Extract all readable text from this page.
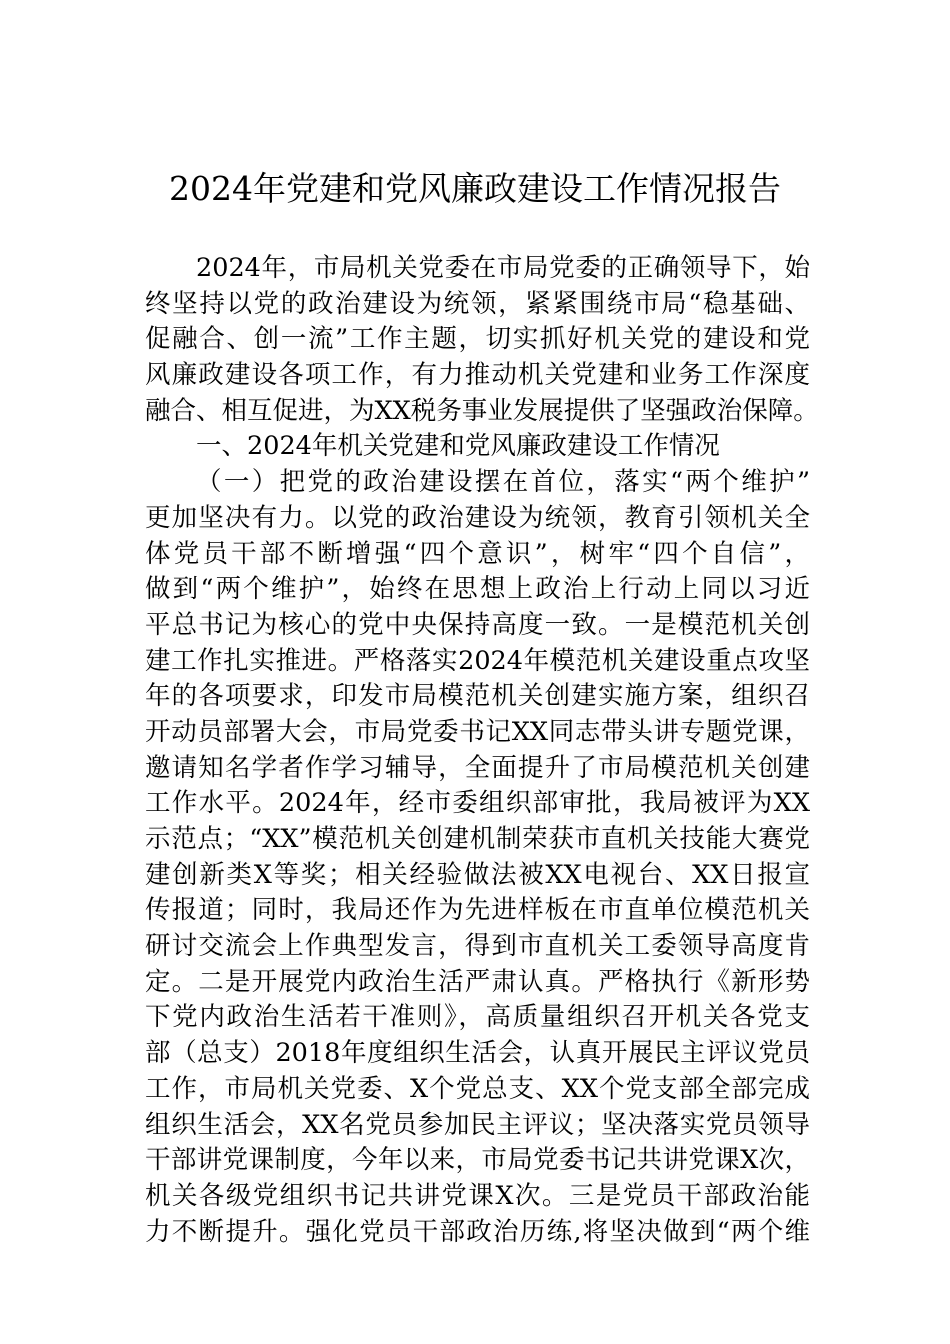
2024年党建和党风廉政建设工作情况报告
2024年，市局机关党委在市局党委的正确领导下，始
终坚持以党的政治建设为统领，紧紧围绕市局“稳基础、
促融合、创一流”工作主题，切实抓好机关党的建设和党
风廉政建设各项工作，有力推动机关党建和业务工作深度
融合、相互促进，为XX税务事业发展提供了坚强政治保障。
一、2024年机关党建和党风廉政建设工作情况
（一）把党的政治建设摆在首位，落实“两个维护”
更加坚决有力。以党的政治建设为统领，教育引领机关全
体党员干部不断增强“四个意识”，树牢“四个自信”，
做到“两个维护”，始终在思想上政治上行动上同以习近
平总书记为核心的党中央保持高度一致。一是模范机关创
建工作扎实推进。严格落实2024年模范机关建设重点攻坚
年的各项要求，印发市局模范机关创建实施方案，组织召
开动员部署大会，市局党委书记XX同志带头讲专题党课，
邀请知名学者作学习辅导，全面提升了市局模范机关创建
工作水平。2024年，经市委组织部审批，我局被评为XX
示范点；“XX”模范机关创建机制荣获市直机关技能大赛党
建创新类X等奖；相关经验做法被XX电视台、XX日报宣
传报道；同时，我局还作为先进样板在市直单位模范机关
研讨交流会上作典型发言，得到市直机关工委领导高度肯
定。二是开展党内政治生活严肃认真。严格执行《新形势
下党内政治生活若干准则》，高质量组织召开机关各党支
部（总支）2018年度组织生活会，认真开展民主评议党员
工作，市局机关党委、X个党总支、XX个党支部全部完成
组织生活会，XX名党员参加民主评议；坚决落实党员领导
干部讲党课制度，今年以来，市局党委书记共讲党课X次，
机关各级党组织书记共讲党课X次。三是党员干部政治能
力不断提升。强化党员干部政治历练,将坚决做到“两个维
